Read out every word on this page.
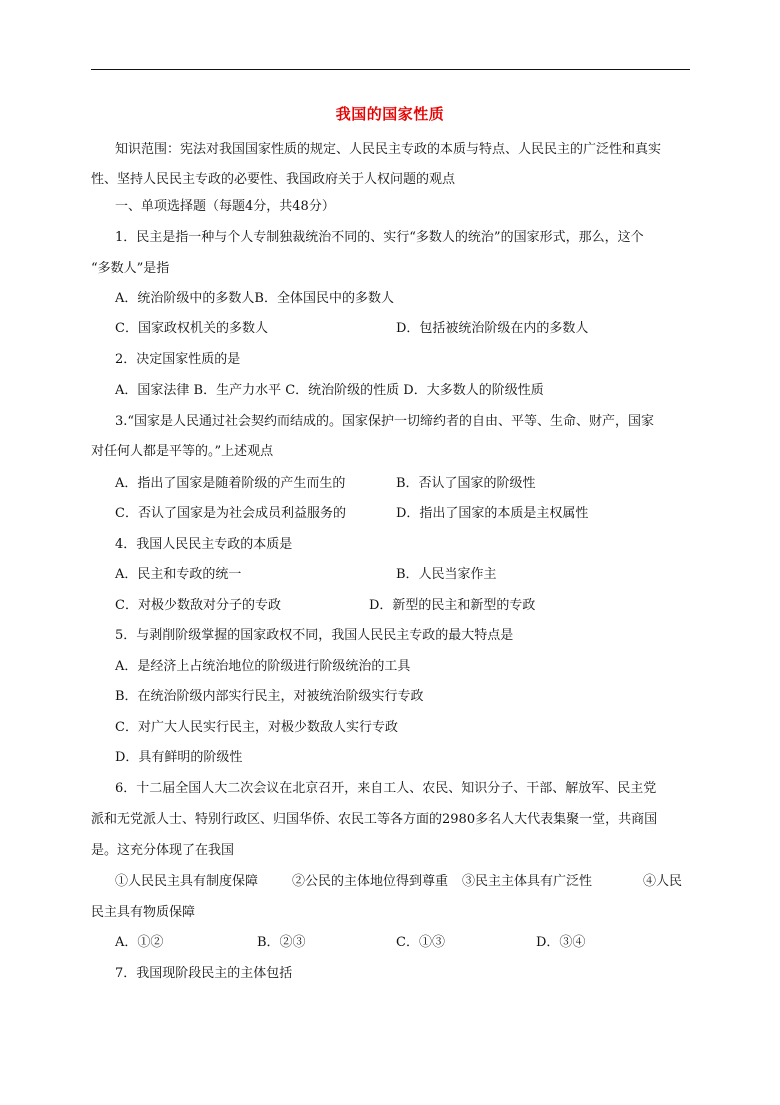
我国的国家性质
知识范围：宪法对我国国家性质的规定、人民民主专政的本质与特点、人民民主的广泛性和真实
性、坚持人民民主专政的必要性、我国政府关于人权问题的观点
一、单项选择题（每题4分，共48分）
1．民主是指一种与个人专制独裁统治不同的、实行“多数人的统治”的国家形式，那么，这个
“多数人”是指
A．统治阶级中的多数人B．全体国民中的多数人
C．国家政权机关的多数人	D．包括被统治阶级在内的多数人
2．决定国家性质的是
A．国家法律 B．生产力水平 C．统治阶级的性质 D．大多数人的阶级性质
3.“国家是人民通过社会契约而结成的。国家保护一切缔约者的自由、平等、生命、财产，国家
对任何人都是平等的。”上述观点
A．指出了国家是随着阶级的产生而生的	B．否认了国家的阶级性
C．否认了国家是为社会成员利益服务的	D．指出了国家的本质是主权属性
4．我国人民民主专政的本质是
A．民主和专政的统一	B．人民当家作主
C．对极少数敌对分子的专政	D．新型的民主和新型的专政
5．与剥削阶级掌握的国家政权不同，我国人民民主专政的最大特点是
A．是经济上占统治地位的阶级进行阶级统治的工具
B．在统治阶级内部实行民主，对被统治阶级实行专政
C．对广大人民实行民主，对极少数敌人实行专政
D．具有鲜明的阶级性
6．十二届全国人大二次会议在北京召开，来自工人、农民、知识分子、干部、解放军、民主党
派和无党派人士、特别行政区、归国华侨、农民工等各方面的2980多名人大代表集聚一堂，共商国
是。这充分体现了在我国
①人民民主具有制度保障	②公民的主体地位得到尊重 ③民主主体具有广泛性	④人民
民主具有物质保障
A．①②	B．②③	C．①③	D．③④
7．我国现阶段民主的主体包括
